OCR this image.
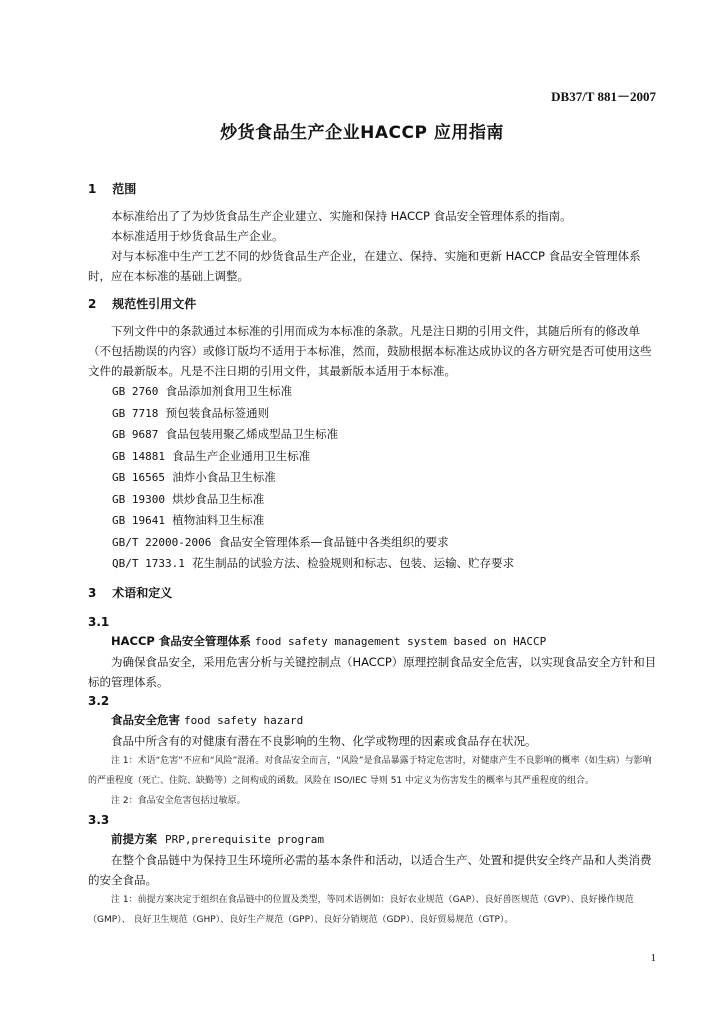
DB37/T 881－2007
炒货食品生产企业HACCP 应用指南
1 范围

本标准给出了了为炒货食品生产企业建立、实施和保持 HACCP 食品安全管理体系的指南。

本标准适用于炒货食品生产企业。

对与本标准中生产工艺不同的炒货食品生产企业，在建立、保持、实施和更新 HACCP 食品安全管理体系时，应在本标准的基础上调整。

2 规范性引用文件

下列文件中的条款通过本标准的引用而成为本标准的条款。凡是注日期的引用文件，其随后所有的修改单（不包括勘误的内容）或修订版均不适用于本标准，然而，鼓励根据本标准达成协议的各方研究是否可使用这些文件的最新版本。凡是不注日期的引用文件，其最新版本适用于本标准。

GB 2760 食品添加剂食用卫生标准
GB 7718 预包装食品标签通则
GB 9687 食品包装用聚乙烯成型品卫生标准
GB 14881 食品生产企业通用卫生标准
GB 16565 油炸小食品卫生标准
GB 19300 烘炒食品卫生标准
GB 19641 植物油料卫生标准
GB/T 22000-2006 食品安全管理体系—食品链中各类组织的要求
QB/T 1733.1 花生制品的试验方法、检验规则和标志、包装、运输、贮存要求
3 术语和定义
3.1
HACCP 食品安全管理体系 food safety management system based on HACCP

为确保食品安全，采用危害分析与关键控制点（HACCP）原理控制食品安全危害，以实现食品安全方针和目标的管理体系。

3.2
食品安全危害 food safety hazard

食品中所含有的对健康有潜在不良影响的生物、化学或物理的因素或食品存在状况。

注 1：术语“危害”不应和“风险”混淆。对食品安全而言，“风险”是食品暴露于特定危害时，对健康产生不良影响的概率（如生病）与影响的严重程度（死亡、住院、缺勤等）之间构成的函数。风险在 ISO/IEC 导则 51 中定义为伤害发生的概率与其严重程度的组合。

注 2：食品安全危害包括过敏原。

3.3
前提方案 PRP,prerequisite program

在整个食品链中为保持卫生环境所必需的基本条件和活动，以适合生产、处置和提供安全终产品和人类消费的安全食品。

注 1：前提方案决定于组织在食品链中的位置及类型，等同术语例如：良好农业规范（GAP）、良好兽医规范（GVP）、良好操作规范（GMP）、 良好卫生规范（GHP）、良好生产规范（GPP）、良好分销规范（GDP）、良好贸易规范（GTP）。

1
